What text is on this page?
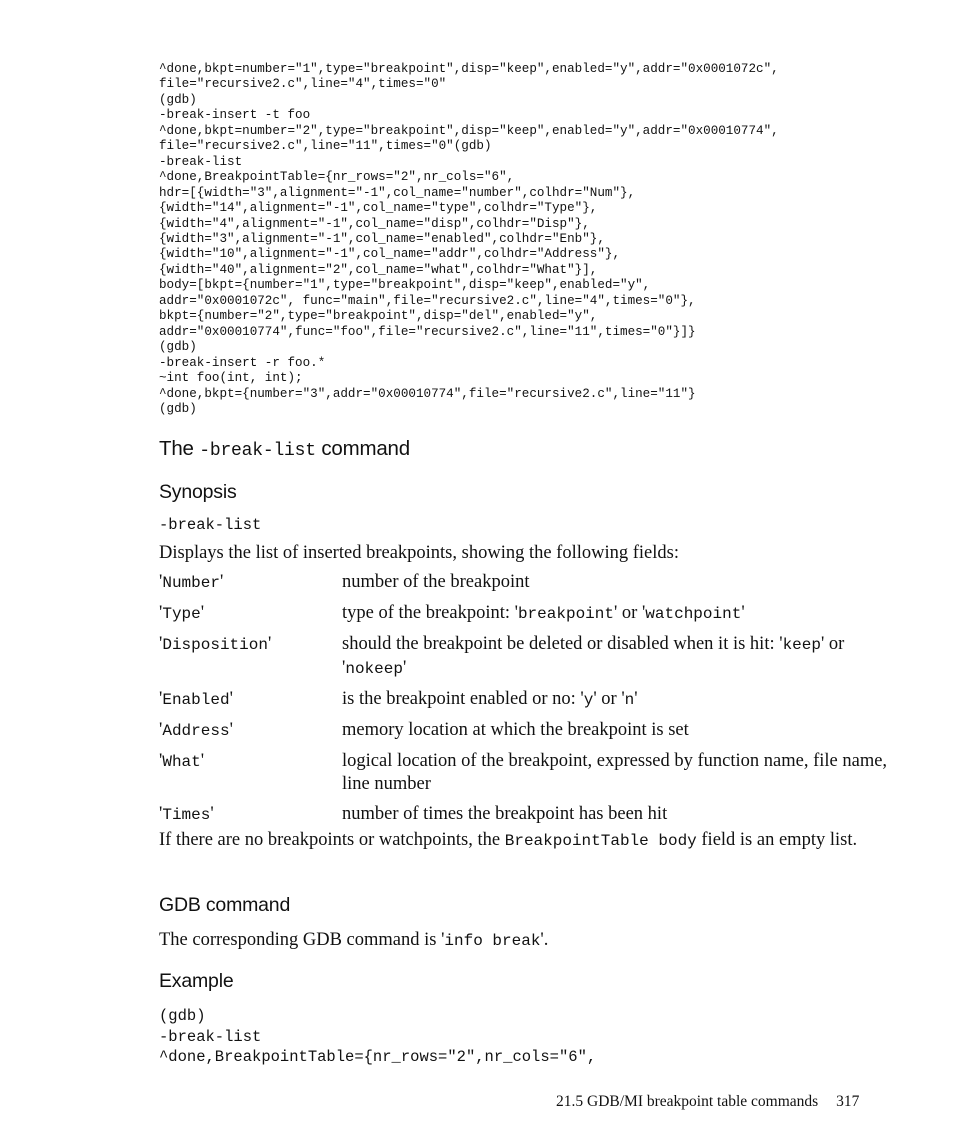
^done,bkpt=number="1",type="breakpoint",disp="keep",enabled="y",addr="0x0001072c",
file="recursive2.c",line="4",times="0"
(gdb)
-break-insert -t foo
^done,bkpt=number="2",type="breakpoint",disp="keep",enabled="y",addr="0x00010774",
file="recursive2.c",line="11",times="0"(gdb)
-break-list
^done,BreakpointTable={nr_rows="2",nr_cols="6",
hdr=[{width="3",alignment="-1",col_name="number",colhdr="Num"},
{width="14",alignment="-1",col_name="type",colhdr="Type"},
{width="4",alignment="-1",col_name="disp",colhdr="Disp"},
{width="3",alignment="-1",col_name="enabled",colhdr="Enb"},
{width="10",alignment="-1",col_name="addr",colhdr="Address"},
{width="40",alignment="2",col_name="what",colhdr="What"}],
body=[bkpt={number="1",type="breakpoint",disp="keep",enabled="y",
addr="0x0001072c", func="main",file="recursive2.c",line="4",times="0"},
bkpt={number="2",type="breakpoint",disp="del",enabled="y",
addr="0x00010774",func="foo",file="recursive2.c",line="11",times="0"}]}
(gdb)
-break-insert -r foo.*
~int foo(int, int);
^done,bkpt={number="3",addr="0x00010774",file="recursive2.c",line="11"}
(gdb)
The -break-list command
Synopsis
-break-list

Displays the list of inserted breakpoints, showing the following fields:

'Number'	number of the breakpoint
'Type'	type of the breakpoint: 'breakpoint' or 'watchpoint'
'Disposition'	should the breakpoint be deleted or disabled when it is hit: 'keep' or 'nokeep'
'Enabled'	is the breakpoint enabled or no: 'y' or 'n'
'Address'	memory location at which the breakpoint is set
'What'	logical location of the breakpoint, expressed by function name, file name, line number
'Times'	number of times the breakpoint has been hit

If there are no breakpoints or watchpoints, the BreakpointTable body field is an empty list.

GDB command

The corresponding GDB command is 'info break'.

Example
(gdb)
-break-list
^done,BreakpointTable={nr_rows="2",nr_cols="6",
21.5 GDB/MI breakpoint table commands 317
